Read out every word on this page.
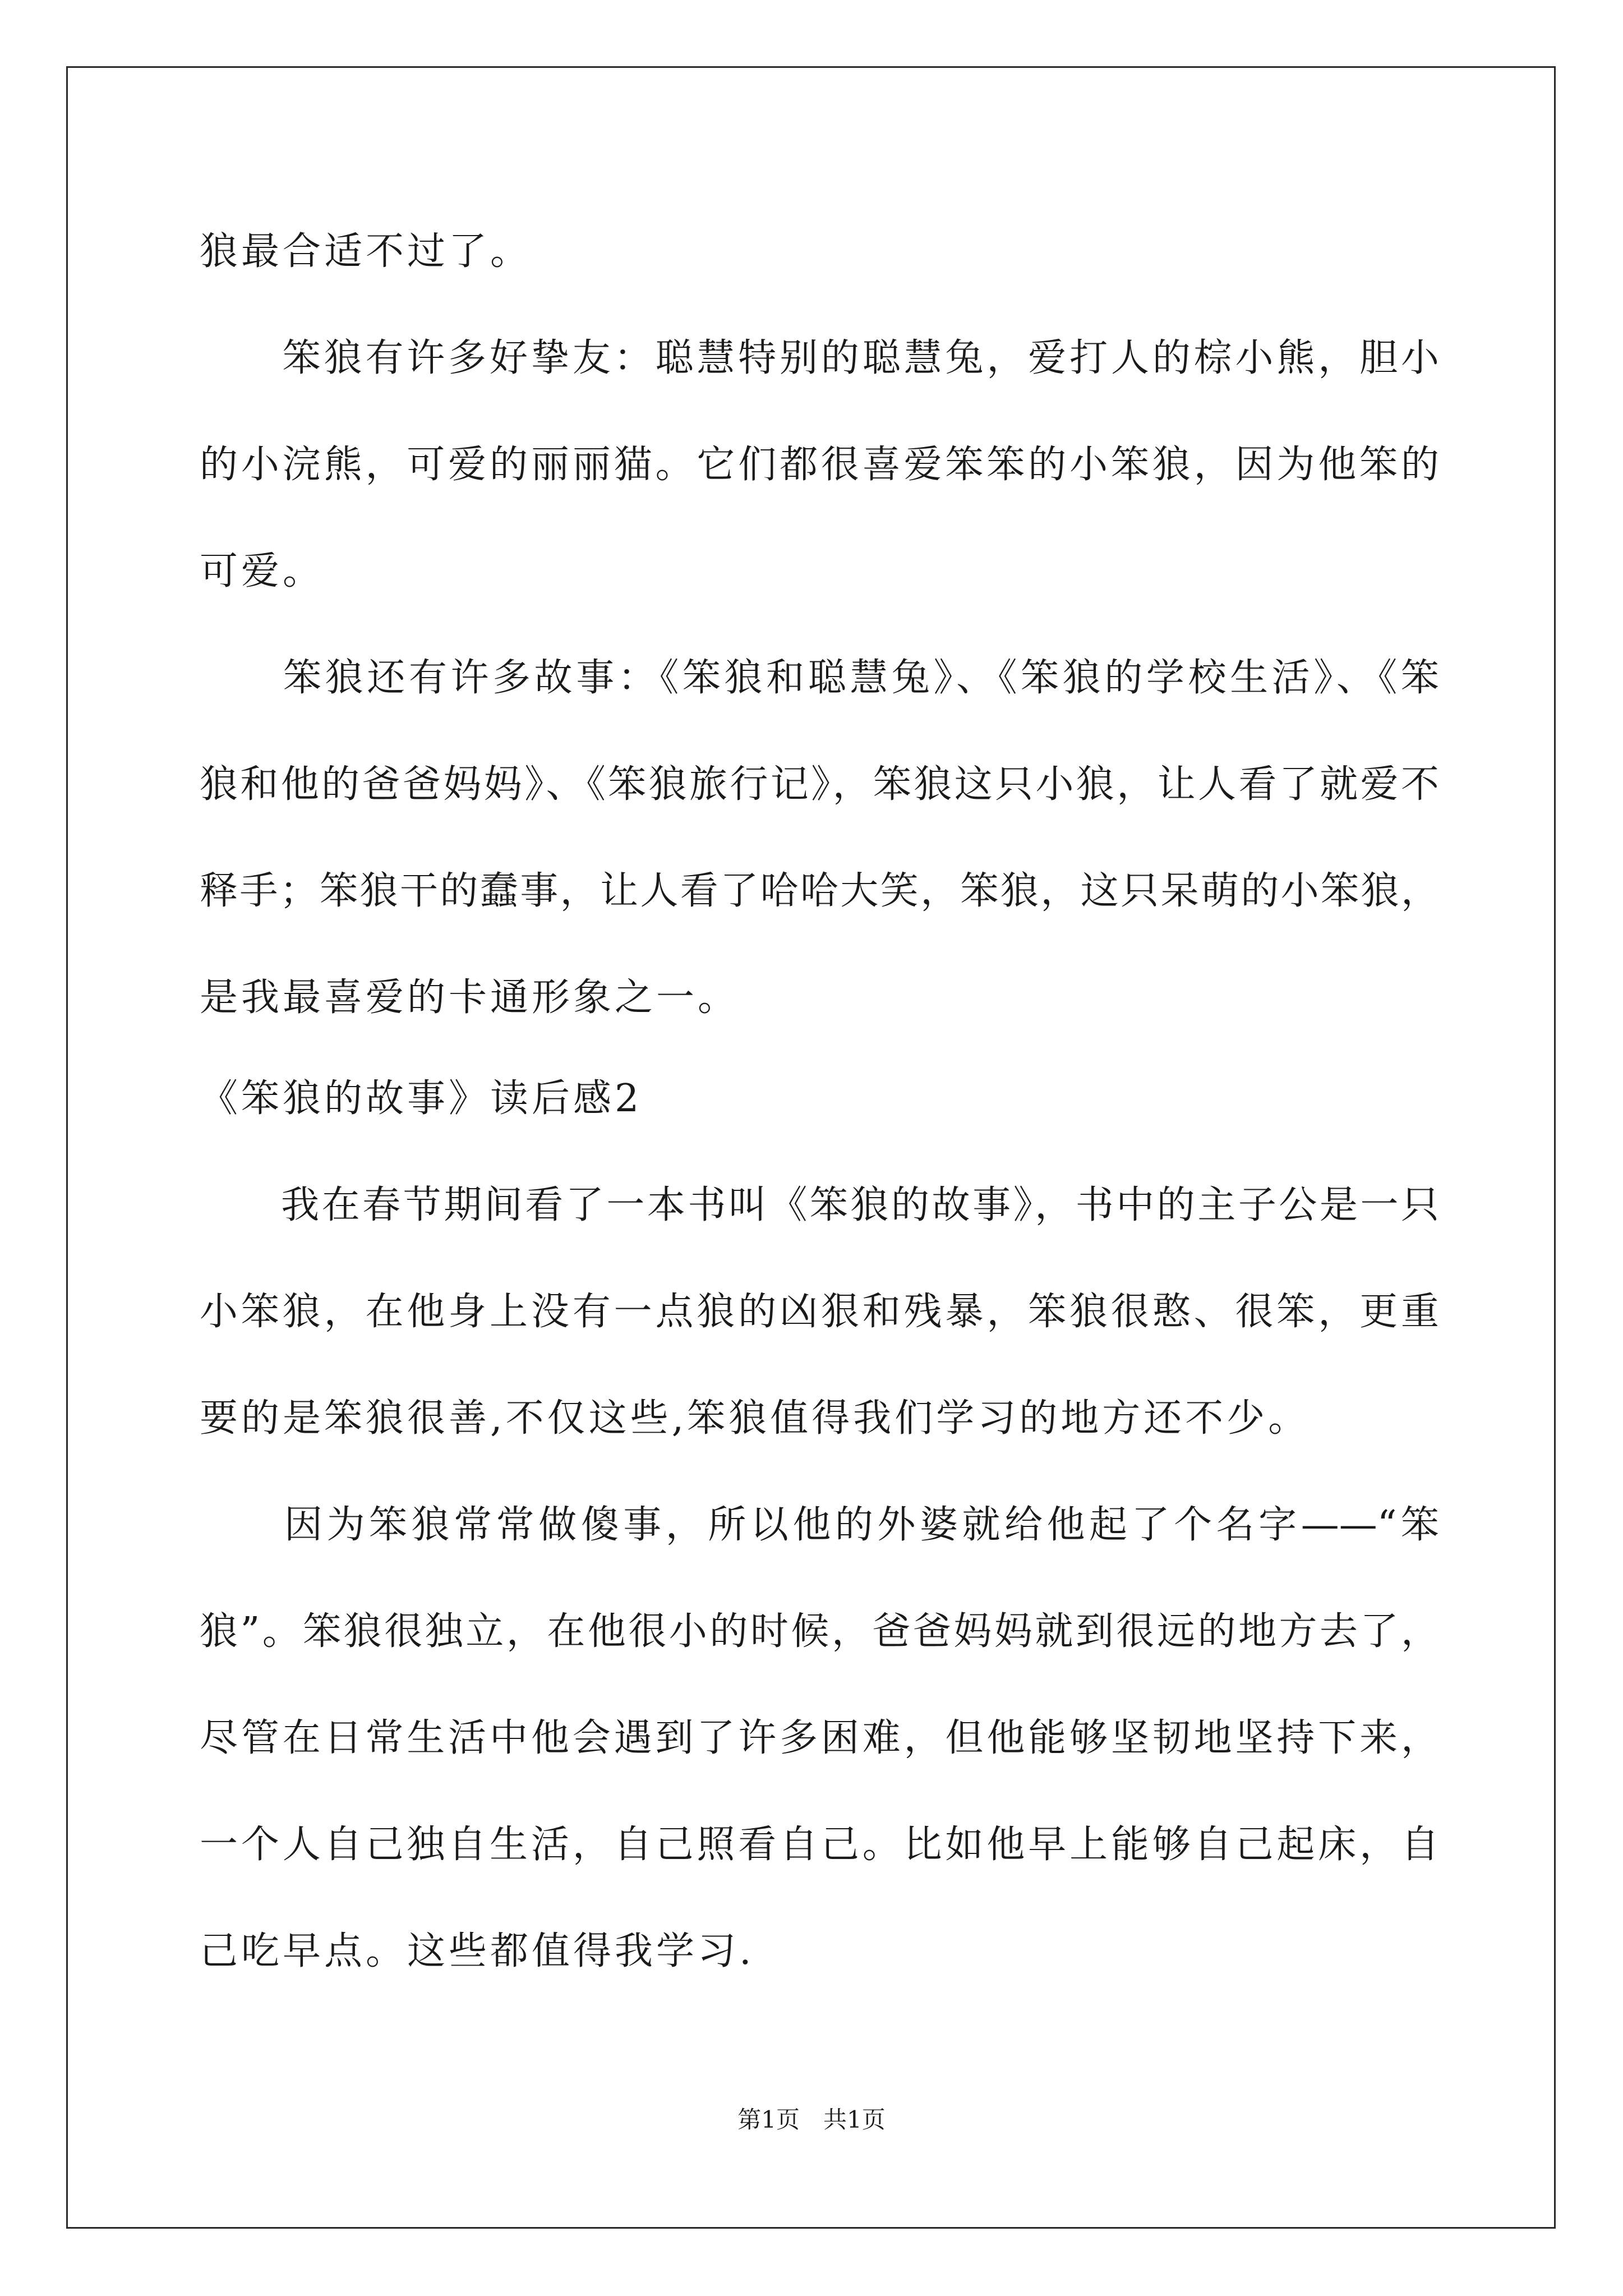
狼最合适不过了。
　　笨狼有许多好挚友：聪慧特别的聪慧兔，爱打人的棕小熊，胆小
的小浣熊，可爱的丽丽猫。它们都很喜爱笨笨的小笨狼，因为他笨的
可爱。
　　笨狼还有许多故事：《笨狼和聪慧兔》、《笨狼的学校生活》、《笨
狼和他的爸爸妈妈》、《笨狼旅行记》，笨狼这只小狼，让人看了就爱不
释手；笨狼干的蠢事，让人看了哈哈大笑，笨狼，这只呆萌的小笨狼，
是我最喜爱的卡通形象之一。
《笨狼的故事》读后感2
　　我在春节期间看了一本书叫《笨狼的故事》，书中的主子公是一只
小笨狼，在他身上没有一点狼的凶狠和残暴，笨狼很憨、很笨，更重
要的是笨狼很善,不仅这些,笨狼值得我们学习的地方还不少。
　　因为笨狼常常做傻事，所以他的外婆就给他起了个名字——“笨
狼”。笨狼很独立，在他很小的时候，爸爸妈妈就到很远的地方去了，
尽管在日常生活中他会遇到了许多困难，但他能够坚韧地坚持下来，
一个人自己独自生活，自己照看自己。比如他早上能够自己起床，自
己吃早点。这些都值得我学习.
第1页　共1页
